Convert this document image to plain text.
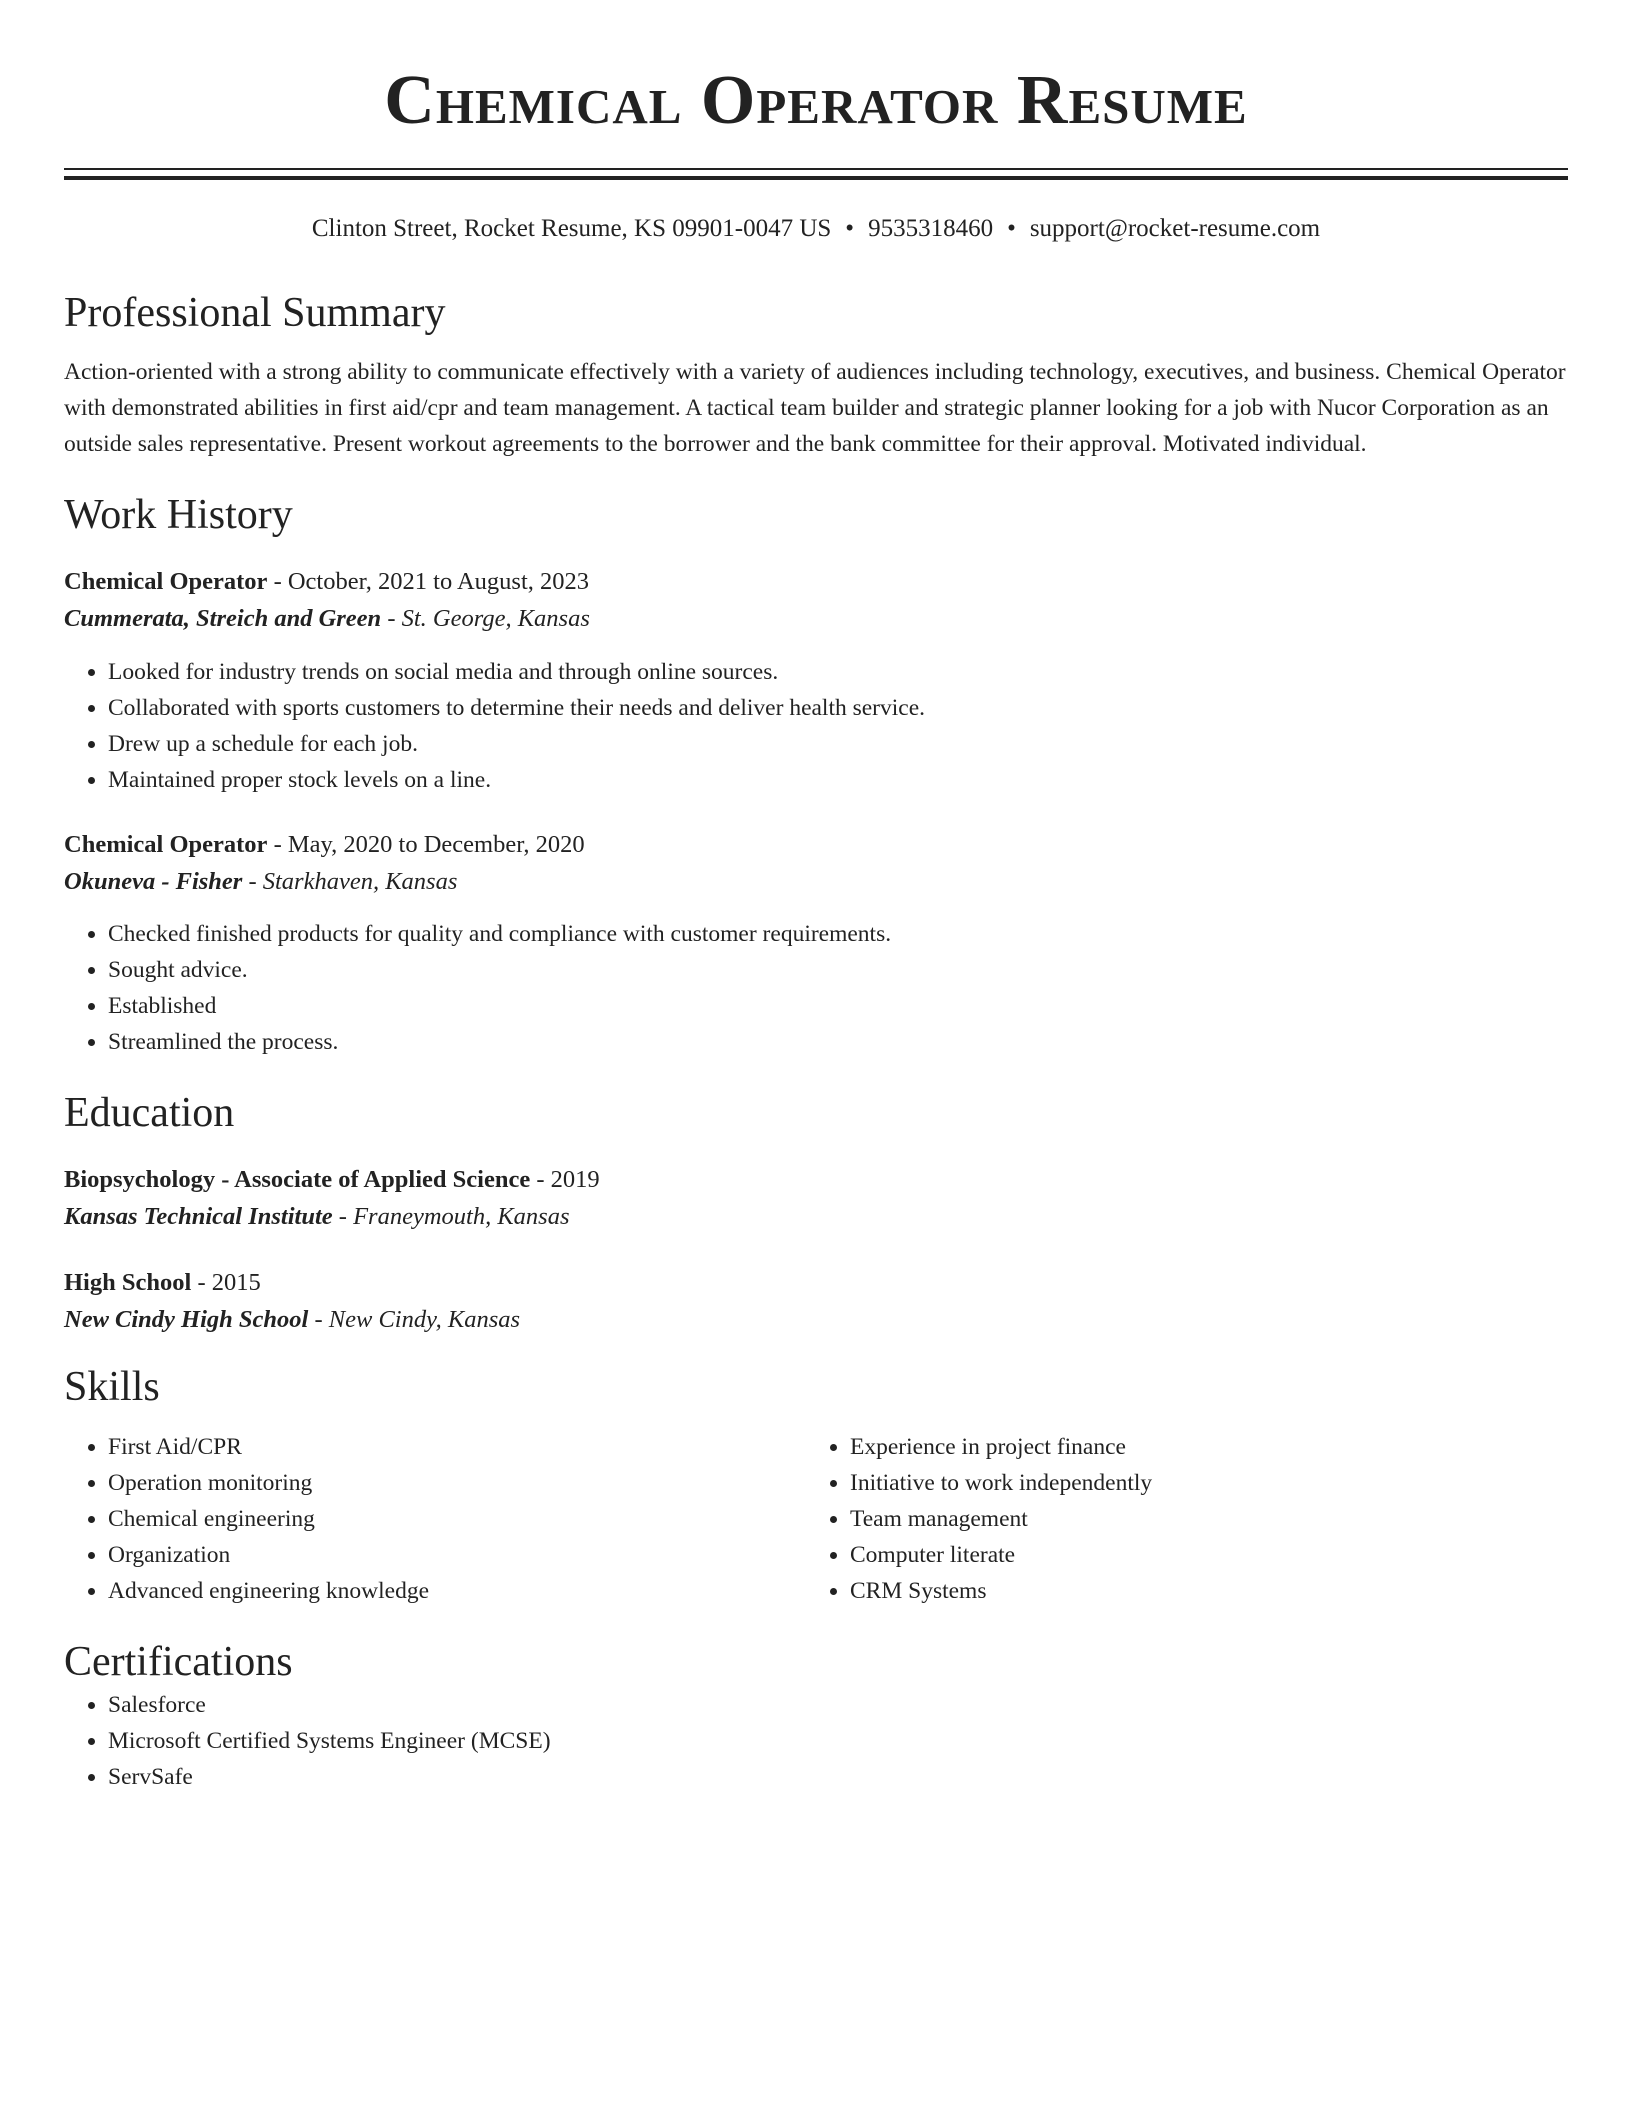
Chemical Operator Resume
Clinton Street, Rocket Resume, KS 09901-0047 US • 9535318460 • support@rocket-resume.com
Professional Summary
Action-oriented with a strong ability to communicate effectively with a variety of audiences including technology, executives, and business. Chemical Operator with demonstrated abilities in first aid/cpr and team management. A tactical team builder and strategic planner looking for a job with Nucor Corporation as an outside sales representative. Present workout agreements to the borrower and the bank committee for their approval. Motivated individual.
Work History
Chemical Operator - October, 2021 to August, 2023
Cummerata, Streich and Green - St. George, Kansas
• Looked for industry trends on social media and through online sources.
• Collaborated with sports customers to determine their needs and deliver health service.
• Drew up a schedule for each job.
• Maintained proper stock levels on a line.
Chemical Operator - May, 2020 to December, 2020
Okuneva - Fisher - Starkhaven, Kansas
• Checked finished products for quality and compliance with customer requirements.
• Sought advice.
• Established
• Streamlined the process.
Education
Biopsychology - Associate of Applied Science - 2019
Kansas Technical Institute - Franeymouth, Kansas
High School - 2015
New Cindy High School - New Cindy, Kansas
Skills
• First Aid/CPR
• Operation monitoring
• Chemical engineering
• Organization
• Advanced engineering knowledge
• Experience in project finance
• Initiative to work independently
• Team management
• Computer literate
• CRM Systems
Certifications
• Salesforce
• Microsoft Certified Systems Engineer (MCSE)
• ServSafe
